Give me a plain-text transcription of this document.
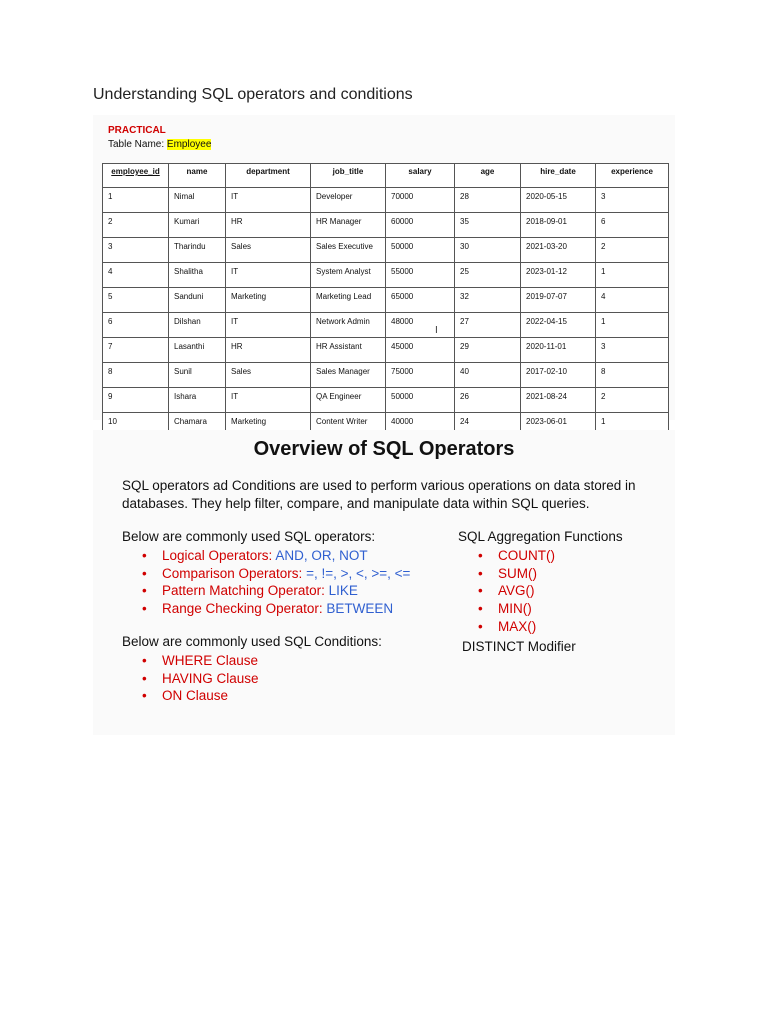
Understanding SQL operators and conditions
PRACTICAL
Table Name: Employee
employee_id	name	department	job_title	salary	age	hire_date	experience
1	Nimal	IT	Developer	70000	28	2020-05-15	3
2	Kumari	HR	HR Manager	60000	35	2018-09-01	6
3	Tharindu	Sales	Sales Executive	50000	30	2021-03-20	2
4	Shalitha	IT	System Analyst	55000	25	2023-01-12	1
5	Sanduni	Marketing	Marketing Lead	65000	32	2019-07-07	4
6	Dilshan	IT	Network Admin	48000	27	2022-04-15	1
7	Lasanthi	HR	HR Assistant	45000	29	2020-11-01	3
8	Sunil	Sales	Sales Manager	75000	40	2017-02-10	8
9	Ishara	IT	QA Engineer	50000	26	2021-08-24	2
10	Chamara	Marketing	Content Writer	40000	24	2023-06-01	1
I
Overview of SQL Operators
SQL operators ad Conditions are used to perform various operations on data stored in databases. They help filter, compare, and manipulate data within SQL queries.
Below are commonly used SQL operators:
• Logical Operators: AND, OR, NOT
• Comparison Operators: =, !=, >, <, >=, <=
• Pattern Matching Operator: LIKE
• Range Checking Operator: BETWEEN
Below are commonly used SQL Conditions:
• WHERE Clause
• HAVING Clause
• ON Clause
SQL Aggregation Functions
• COUNT()
• SUM()
• AVG()
• MIN()
• MAX()
DISTINCT Modifier
